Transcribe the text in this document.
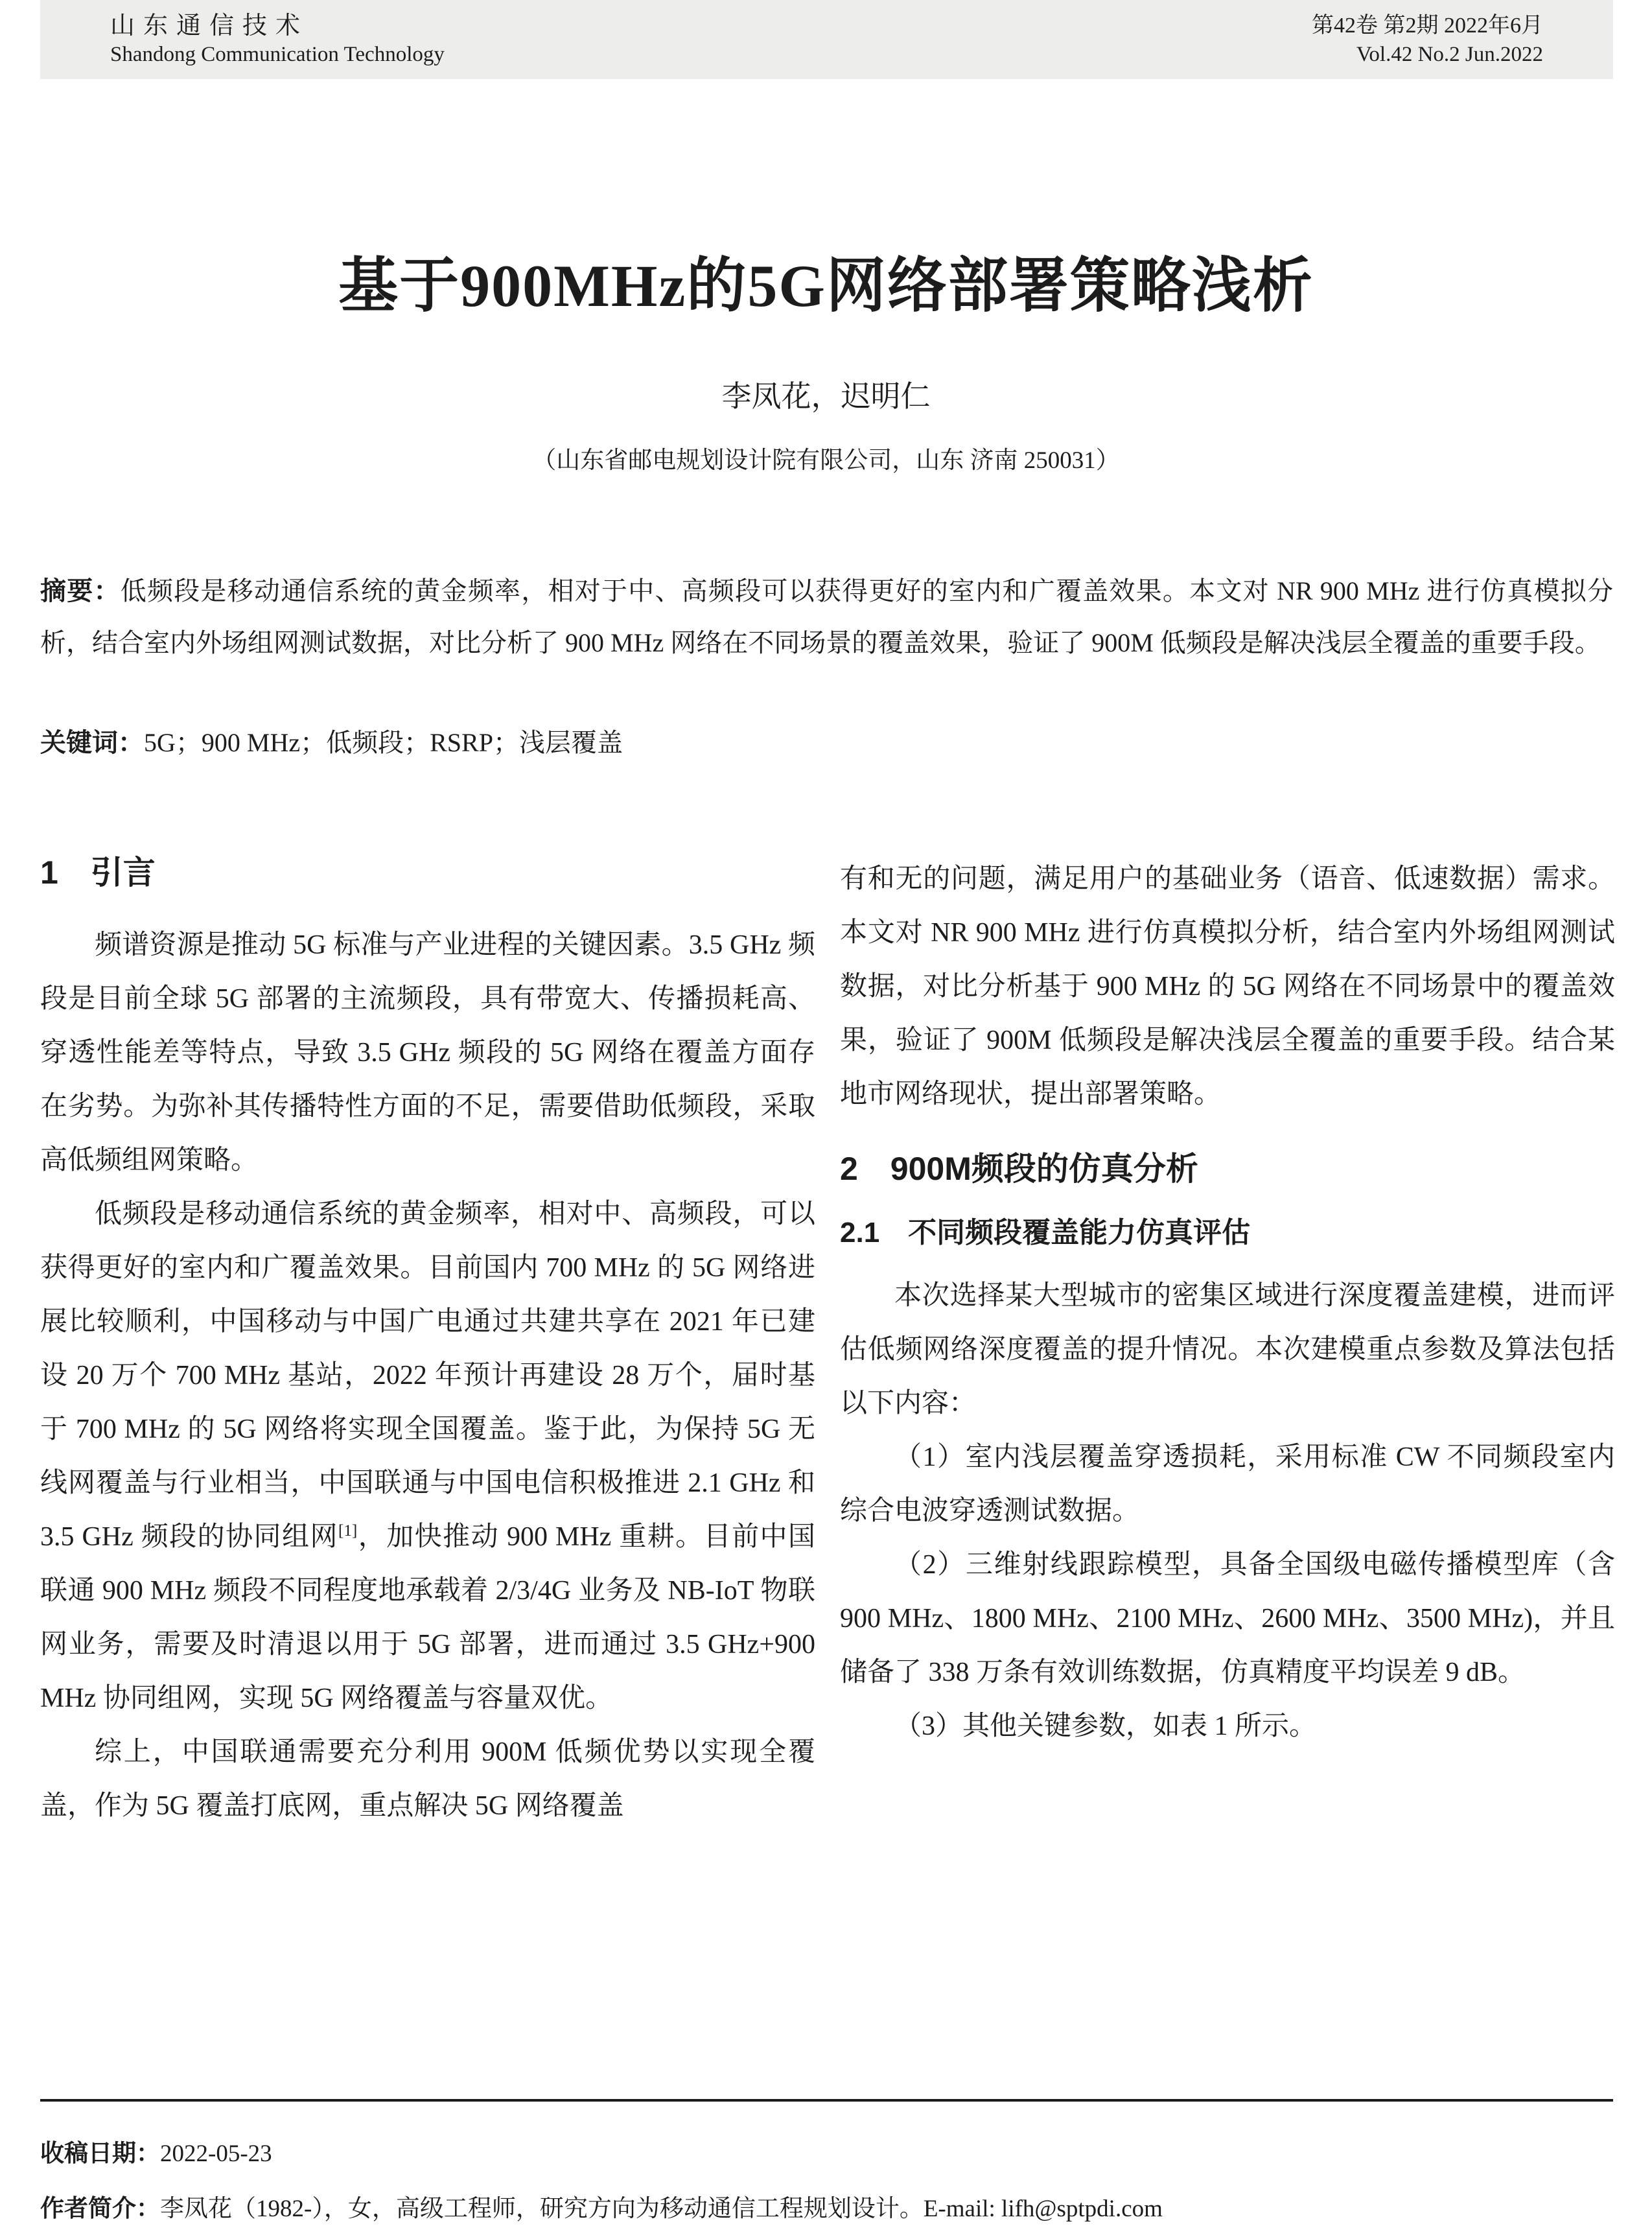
山东通信技术
Shandong Communication Technology
第42卷 第2期 2022年6月
Vol.42 No.2 Jun.2022
基于900MHz的5G网络部署策略浅析
李凤花，迟明仁
（山东省邮电规划设计院有限公司，山东 济南 250031）
摘要：低频段是移动通信系统的黄金频率，相对于中、高频段可以获得更好的室内和广覆盖效果。本文对 NR 900 MHz 进行仿真模拟分析，结合室内外场组网测试数据，对比分析了 900 MHz 网络在不同场景的覆盖效果，验证了 900M 低频段是解决浅层全覆盖的重要手段。
关键词：5G；900 MHz；低频段；RSRP；浅层覆盖
1　引言

频谱资源是推动 5G 标准与产业进程的关键因素。3.5 GHz 频段是目前全球 5G 部署的主流频段，具有带宽大、传播损耗高、穿透性能差等特点，导致 3.5 GHz 频段的 5G 网络在覆盖方面存在劣势。为弥补其传播特性方面的不足，需要借助低频段，采取高低频组网策略。

低频段是移动通信系统的黄金频率，相对中、高频段，可以获得更好的室内和广覆盖效果。目前国内 700 MHz 的 5G 网络进展比较顺利，中国移动与中国广电通过共建共享在 2021 年已建设 20 万个 700 MHz 基站，2022 年预计再建设 28 万个，届时基于 700 MHz 的 5G 网络将实现全国覆盖。鉴于此，为保持 5G 无线网覆盖与行业相当，中国联通与中国电信积极推进 2.1 GHz 和 3.5 GHz 频段的协同组网[1]，加快推动 900 MHz 重耕。目前中国联通 900 MHz 频段不同程度地承载着 2/3/4G 业务及 NB-IoT 物联网业务，需要及时清退以用于 5G 部署，进而通过 3.5 GHz+900 MHz 协同组网，实现 5G 网络覆盖与容量双优。

综上，中国联通需要充分利用 900M 低频优势以实现全覆盖，作为 5G 覆盖打底网，重点解决 5G 网络覆盖

有和无的问题，满足用户的基础业务（语音、低速数据）需求。本文对 NR 900 MHz 进行仿真模拟分析，结合室内外场组网测试数据，对比分析基于 900 MHz 的 5G 网络在不同场景中的覆盖效果，验证了 900M 低频段是解决浅层全覆盖的重要手段。结合某地市网络现状，提出部署策略。

2　900M频段的仿真分析
2.1　不同频段覆盖能力仿真评估

本次选择某大型城市的密集区域进行深度覆盖建模，进而评估低频网络深度覆盖的提升情况。本次建模重点参数及算法包括以下内容：

（1）室内浅层覆盖穿透损耗，采用标准 CW 不同频段室内综合电波穿透测试数据。

（2）三维射线跟踪模型，具备全国级电磁传播模型库（含 900 MHz、1800 MHz、2100 MHz、2600 MHz、3500 MHz)，并且储备了 338 万条有效训练数据，仿真精度平均误差 9 dB。

（3）其他关键参数，如表 1 所示。

收稿日期：2022-05-23
作者简介：李凤花（1982-），女，高级工程师，研究方向为移动通信工程规划设计。E-mail: lifh@sptpdi.com
